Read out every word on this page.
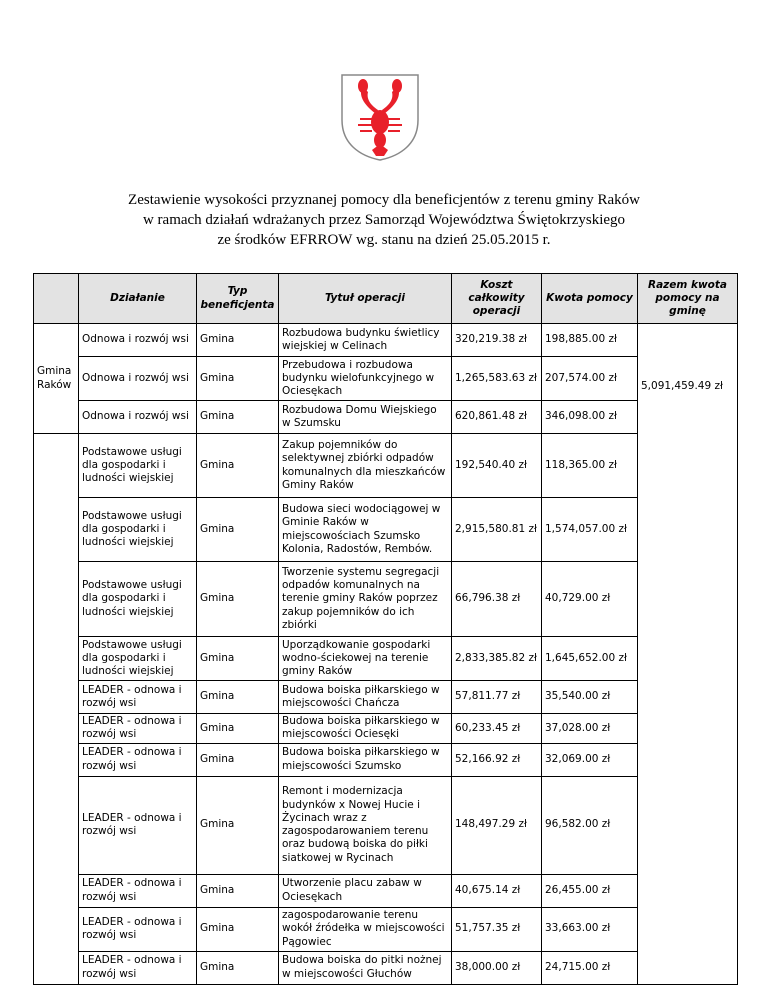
Zestawienie wysokości przyznanej pomocy dla beneficjentów z terenu gminy Raków
w ramach działań wdrażanych przez Samorząd Województwa Świętokrzyskiego
ze środków EFRROW wg. stanu na dzień 25.05.2015 r.
	Działanie	Typ beneficjenta	Tytuł operacji	Koszt całkowity operacji	Kwota pomocy	Razem kwota pomocy na gminę
Gmina Raków	Odnowa i rozwój wsi	Gmina	Rozbudowa budynku świetlicy wiejskiej w Celinach	320,219.38 zł	198,885.00 zł	5,091,459.49 zł
	Odnowa i rozwój wsi	Gmina	Przebudowa i rozbudowa budynku wielofunkcyjnego w Ociesękach	1,265,583.63 zł	207,574.00 zł	
	Odnowa i rozwój wsi	Gmina	Rozbudowa Domu Wiejskiego w Szumsku	620,861.48 zł	346,098.00 zł	
	Podstawowe usługi dla gospodarki i ludności wiejskiej	Gmina	Zakup pojemników do selektywnej zbiórki odpadów komunalnych dla mieszkańców Gminy Raków	192,540.40 zł	118,365.00 zł	
	Podstawowe usługi dla gospodarki i ludności wiejskiej	Gmina	Budowa sieci wodociągowej w Gminie Raków w miejscowościach Szumsko Kolonia, Radostów, Rembów.	2,915,580.81 zł	1,574,057.00 zł	
	Podstawowe usługi dla gospodarki i ludności wiejskiej	Gmina	Tworzenie systemu segregacji odpadów komunalnych na terenie gminy Raków poprzez zakup pojemników do ich zbiórki	66,796.38 zł	40,729.00 zł	
	Podstawowe usługi dla gospodarki i ludności wiejskiej	Gmina	Uporządkowanie gospodarki wodno-ściekowej na terenie gminy Raków	2,833,385.82 zł	1,645,652.00 zł	
	LEADER - odnowa i rozwój wsi	Gmina	Budowa boiska piłkarskiego w miejscowości Chańcza	57,811.77 zł	35,540.00 zł	
	LEADER - odnowa i rozwój wsi	Gmina	Budowa boiska piłkarskiego w miejscowości Ociesęki	60,233.45 zł	37,028.00 zł	
	LEADER - odnowa i rozwój wsi	Gmina	Budowa boiska piłkarskiego w miejscowości Szumsko	52,166.92 zł	32,069.00 zł	
	LEADER - odnowa i rozwój wsi	Gmina	Remont i modernizacja budynków x Nowej Hucie i Życinach wraz z zagospodarowaniem terenu oraz budową boiska do piłki siatkowej w Rycinach	148,497.29 zł	96,582.00 zł	
	LEADER - odnowa i rozwój wsi	Gmina	Utworzenie placu zabaw w Ociesękach	40,675.14 zł	26,455.00 zł	
	LEADER - odnowa i rozwój wsi	Gmina	zagospodarowanie terenu wokół źródełka w miejscowości Pągowiec	51,757.35 zł	33,663.00 zł	
	LEADER - odnowa i rozwój wsi	Gmina	Budowa boiska do pitki nożnej w miejscowości Głuchów	38,000.00 zł	24,715.00 zł	
